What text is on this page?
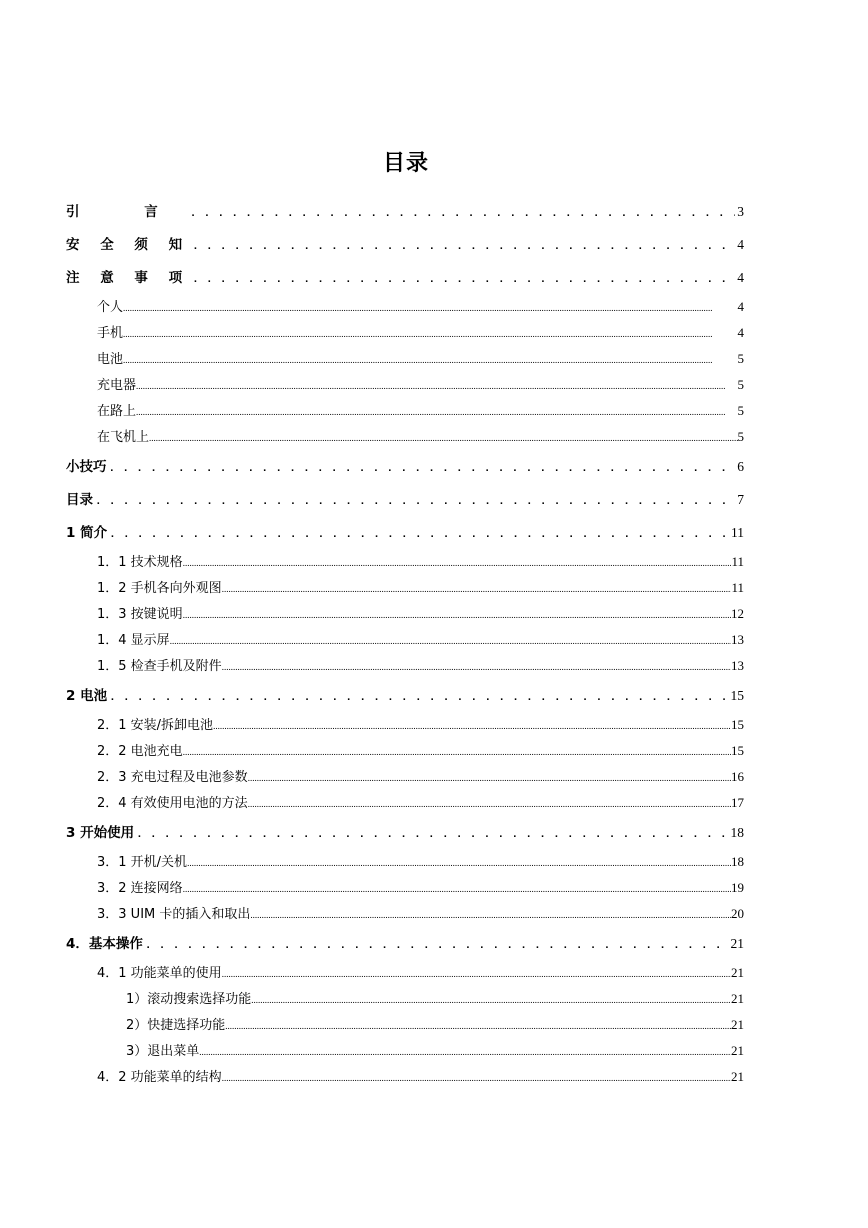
目录
引 言 . . .	3
安 全 须 知 . . .	4
注 意 事 项 . . .	4
个人 .....	4
手机 .....	4
电池 .....	5
充电器 .....	5
在路上 .....	5
在飞机上 .....	5
小技巧 . . .	6
目录 . . .	7
1 简介 . . .	11
1．1 技术规格 .....	11
1．2 手机各向外观图 .....	11
1．3 按键说明 .....	12
1．4 显示屏 .....	13
1．5 检查手机及附件 .....	13
2 电池 . . .	15
2．1 安装/拆卸电池 .....	15
2．2 电池充电 .....	15
2．3 充电过程及电池参数 .....	16
2．4 有效使用电池的方法 .....	17
3 开始使用 . . .	18
3．1 开机/关机 .....	18
3．2 连接网络 .....	19
3．3 UIM 卡的插入和取出 .....	20
4．基本操作 . . .	21
4．1 功能菜单的使用 .....	21
1）滚动搜索选择功能 .....	21
2）快捷选择功能 .....	21
3）退出菜单 .....	21
4．2 功能菜单的结构 .....	21
